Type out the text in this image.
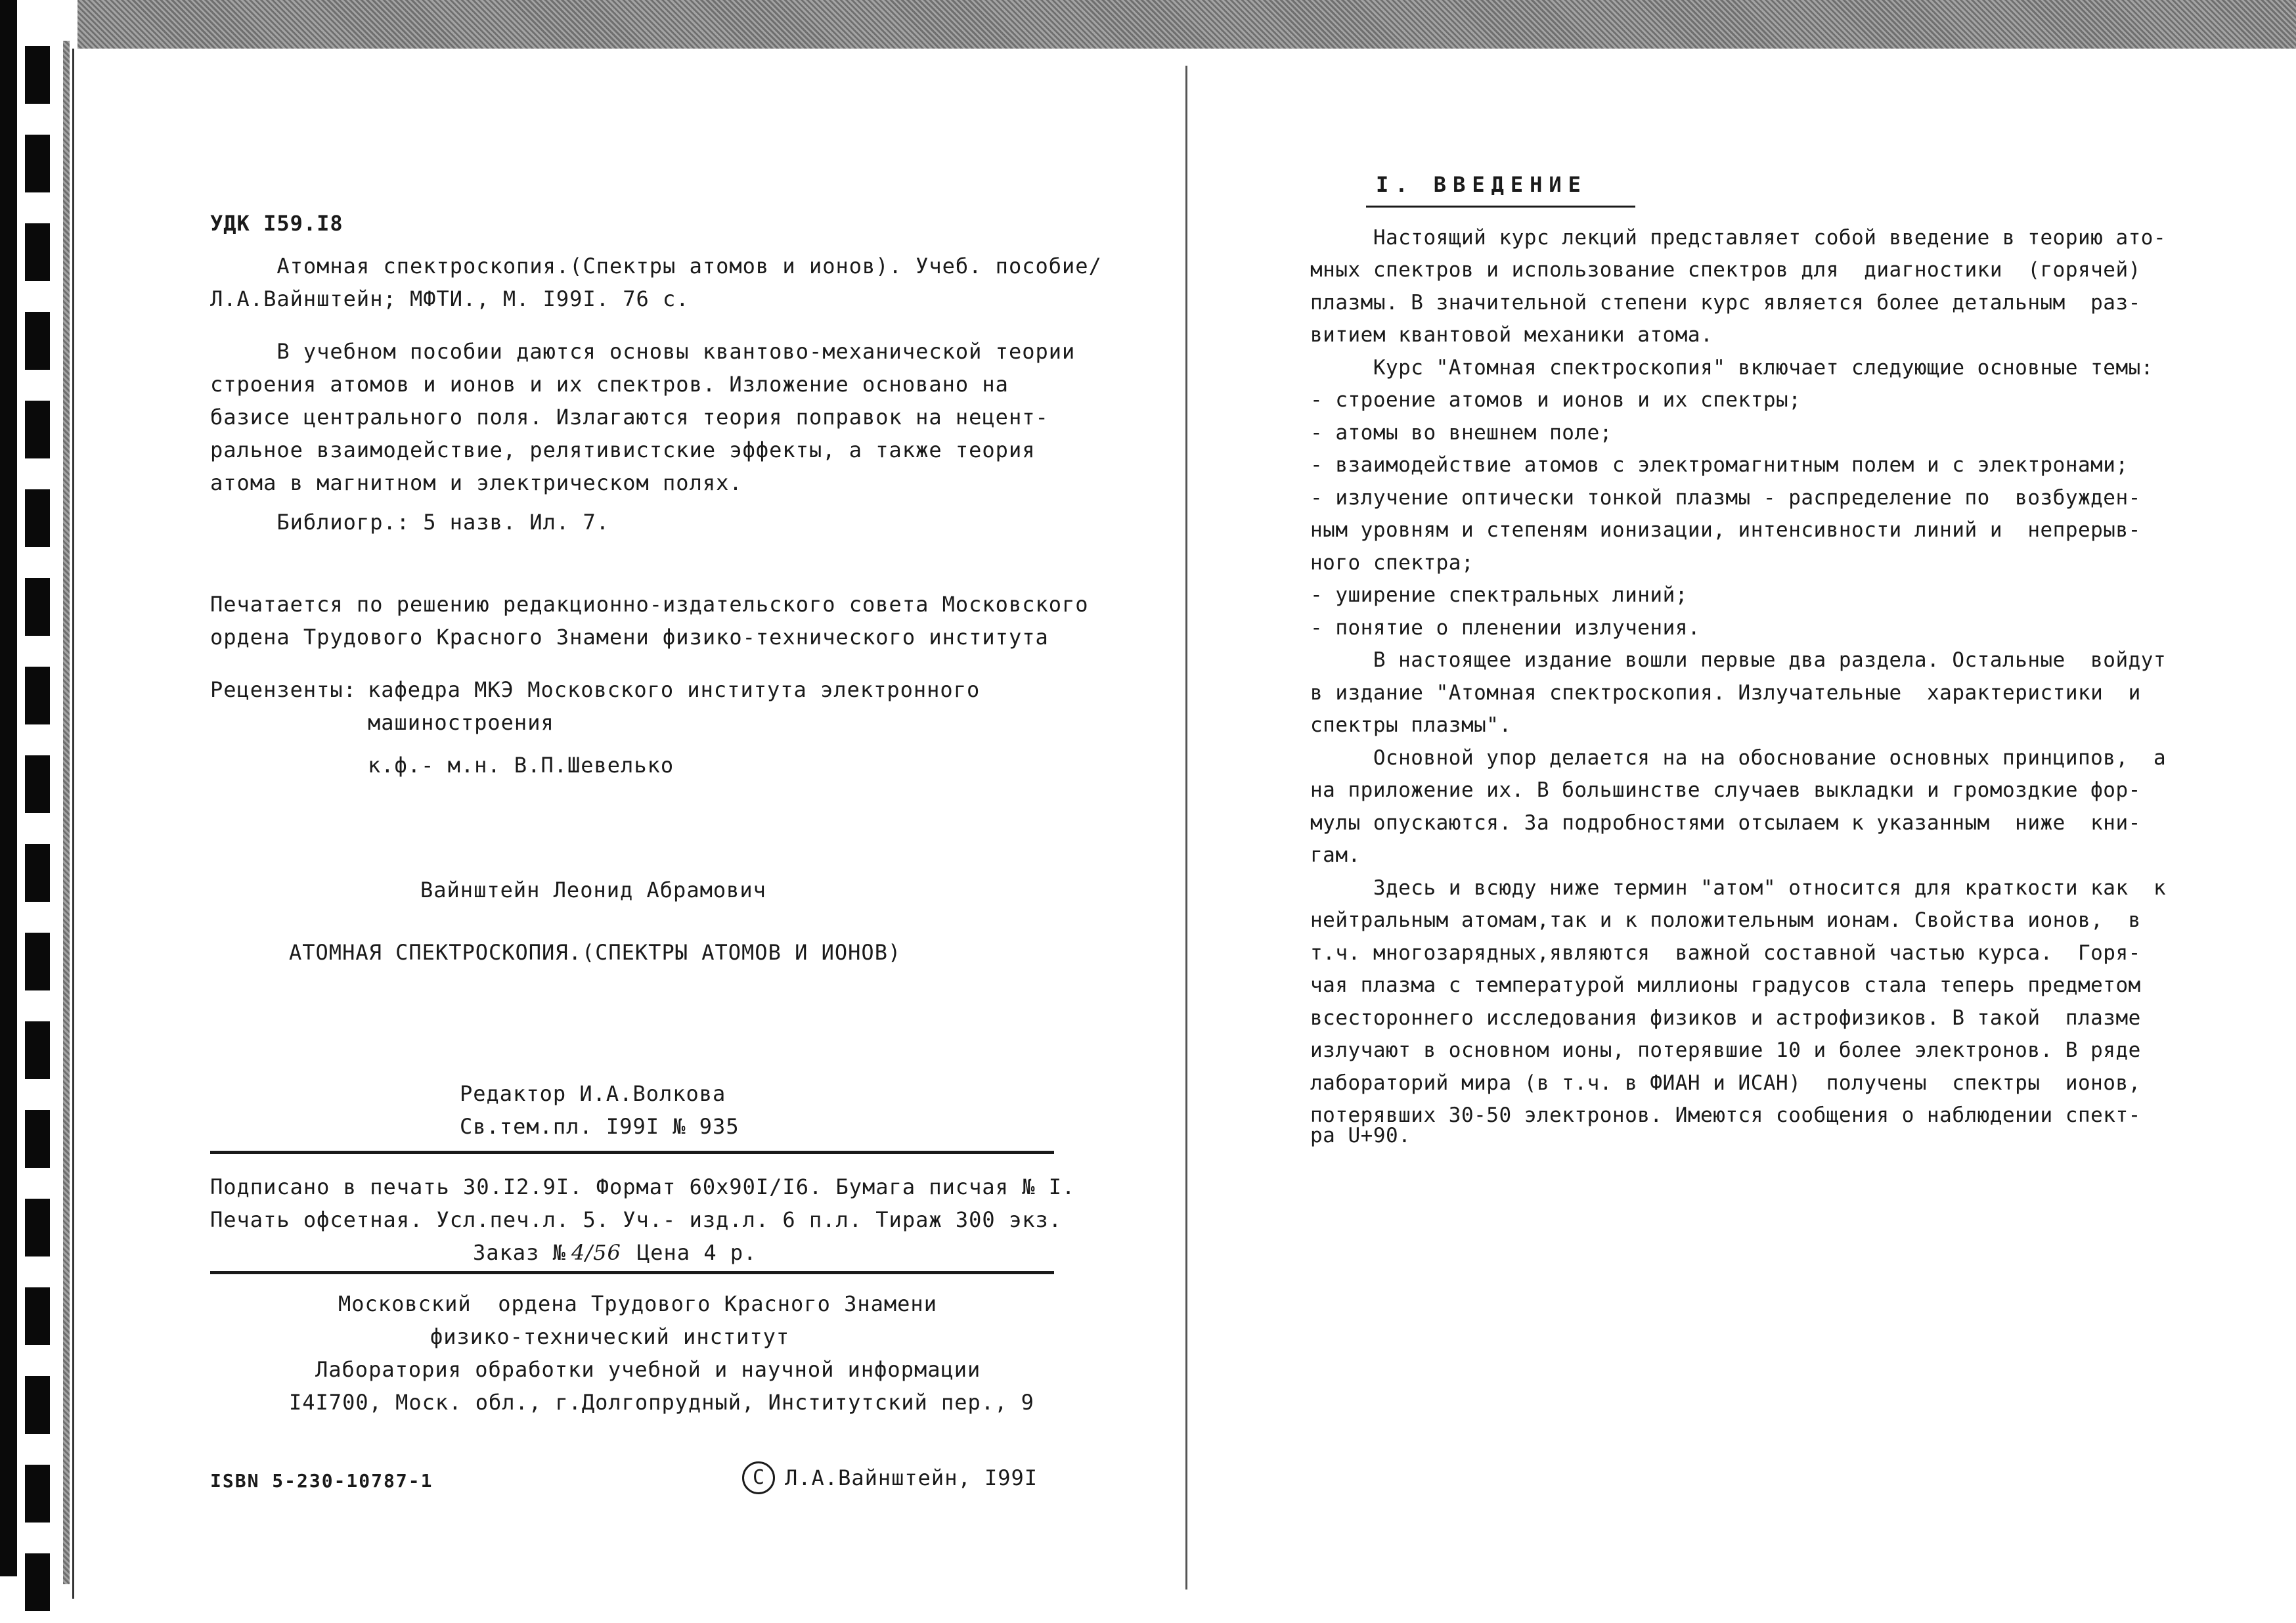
УДК I59.I8
Атомная спектроскопия.(Спектры атомов и ионов). Учеб. пособие/
Л.А.Вайнштейн; МФТИ., М. I99I. 76 с.
В учебном пособии даются основы квантово-механической теории
строения атомов и ионов и их спектров. Изложение основано на
базисе центрального поля. Излагаются теория поправок на нецент-
ральное взаимодействие, релятивистские эффекты, а также теория
атома в магнитном и электрическом полях.
Библиогр.: 5 назв. Ил. 7.
Печатается по решению редакционно-издательского совета Московского
ордена Трудового Красного Знамени физико-технического института
Рецензенты: кафедра МКЭ Московского института электронного
машиностроения
к.ф.- м.н. В.П.Шевелько
Вайнштейн Леонид Абрамович
АТОМНАЯ СПЕКТРОСКОПИЯ.(СПЕКТРЫ АТОМОВ И ИОНОВ)
Редактор И.А.Волкова
Св.тем.пл. I99I № 935
Подписано в печать 30.I2.9I. Формат 60х90I/I6. Бумага писчая № I.
Печать офсетная. Усл.печ.л. 5. Уч.- изд.л. 6 п.л. Тираж 300 экз.
Заказ № 4/56 Цена 4 р.
Московский  ордена Трудового Красного Знамени
физико-технический институт
Лаборатория обработки учебной и научной информации
I4I700, Моск. обл., г.Долгопрудный, Институтский пер., 9
ISBN 5-230-10787-1	C Л.А.Вайнштейн, I99I
I. ВВЕДЕНИЕ
Настоящий курс лекций представляет собой введение в теорию ато-
мных спектров и использование спектров для  диагностики  (горячей)
плазмы. В значительной степени курс является более детальным  раз-
витием квантовой механики атома.
Курс "Атомная спектроскопия" включает следующие основные темы:
- строение атомов и ионов и их спектры;
- атомы во внешнем поле;
- взаимодействие атомов с электромагнитным полем и с электронами;
- излучение оптически тонкой плазмы - распределение по  возбужден-
ным уровням и степеням ионизации, интенсивности линий и  непрерыв-
ного спектра;
- уширение спектральных линий;
- понятие о пленении излучения.
В настоящее издание вошли первые два раздела. Остальные  войдут
в издание "Атомная спектроскопия. Излучательные  характеристики  и
спектры плазмы".
Основной упор делается на на обоснование основных принципов,  а
на приложение их. В большинстве случаев выкладки и громоздкие фор-
мулы опускаются. За подробностями отсылаем к указанным  ниже  кни-
гам.
Здесь и всюду ниже термин "атом" относится для краткости как  к
нейтральным атомам,так и к положительным ионам. Свойства ионов,  в
т.ч. многозарядных,являются  важной составной частью курса.  Горя-
чая плазма с температурой миллионы градусов стала теперь предметом
всестороннего исследования физиков и астрофизиков. В такой  плазме
излучают в основном ионы, потерявшие 10 и более электронов. В ряде
лабораторий мира (в т.ч. в ФИАН и ИСАН)  получены  спектры  ионов,
потерявших 30-50 электронов. Имеются сообщения о наблюдении спект-
ра U+90.
